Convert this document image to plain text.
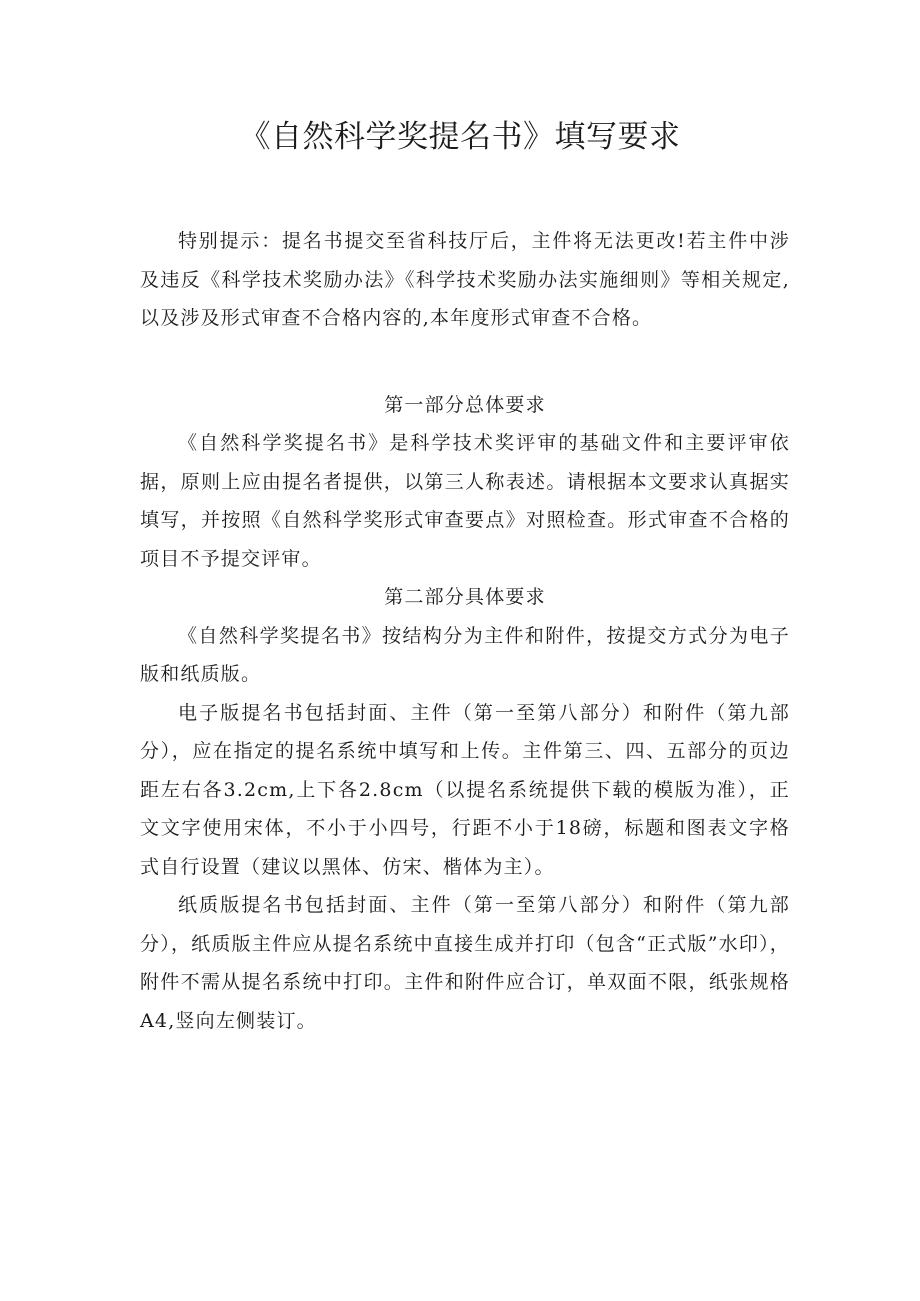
《自然科学奖提名书》填写要求

特别提示：提名书提交至省科技厅后，主件将无法更改!若主件中涉及违反《科学技术奖励办法》《科学技术奖励办法实施细则》等相关规定,以及涉及形式审查不合格内容的,本年度形式审查不合格。

第一部分总体要求

《自然科学奖提名书》是科学技术奖评审的基础文件和主要评审依据，原则上应由提名者提供，以第三人称表述。请根据本文要求认真据实填写，并按照《自然科学奖形式审查要点》对照检查。形式审查不合格的项目不予提交评审。

第二部分具体要求

《自然科学奖提名书》按结构分为主件和附件，按提交方式分为电子版和纸质版。

电子版提名书包括封面、主件（第一至第八部分）和附件（第九部分），应在指定的提名系统中填写和上传。主件第三、四、五部分的页边距左右各3.2cm,上下各2.8cm（以提名系统提供下载的模版为准），正文文字使用宋体，不小于小四号，行距不小于18磅，标题和图表文字格式自行设置（建议以黑体、仿宋、楷体为主）。

纸质版提名书包括封面、主件（第一至第八部分）和附件（第九部分），纸质版主件应从提名系统中直接生成并打印（包含“正式版”水印），附件不需从提名系统中打印。主件和附件应合订，单双面不限，纸张规格A4,竖向左侧装订。
